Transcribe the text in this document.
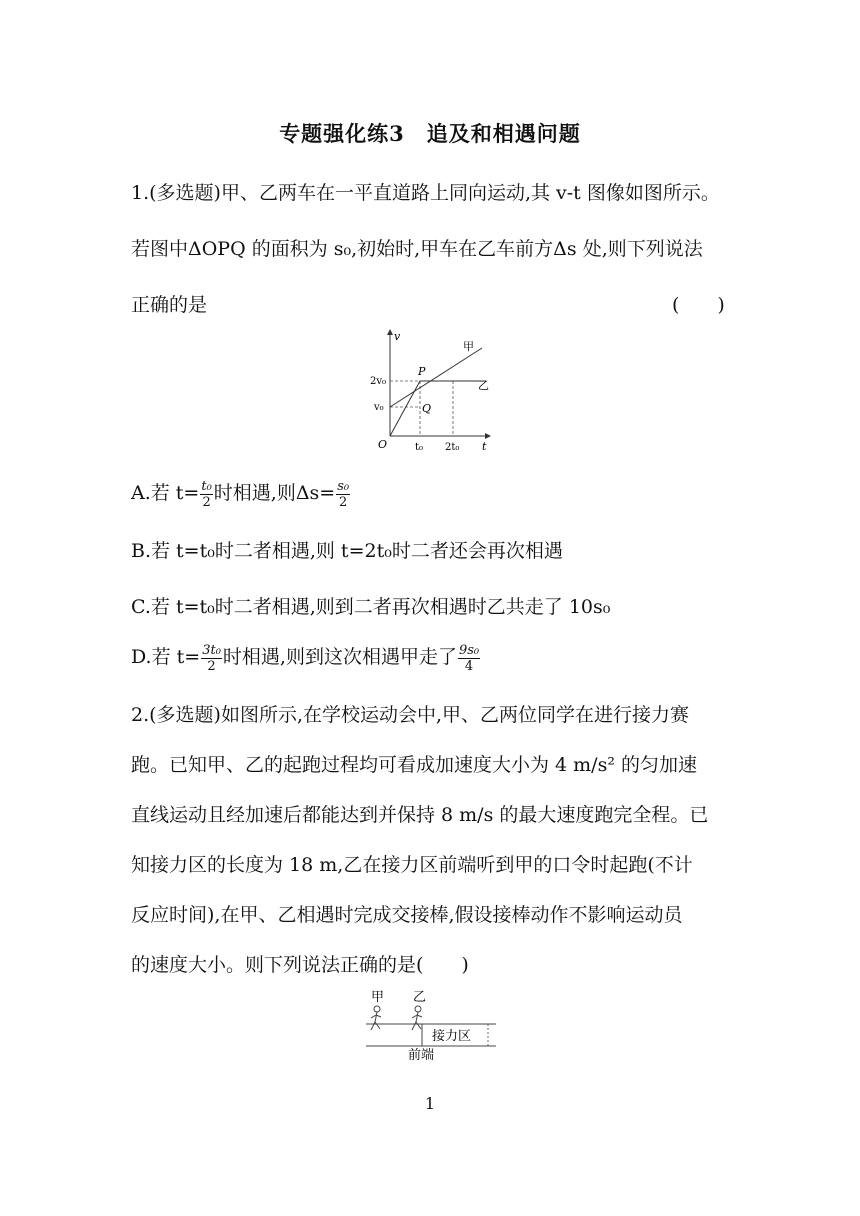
专题强化练3　追及和相遇问题
1.(多选题)甲、乙两车在一平直道路上同向运动,其 v-t 图像如图所示。
若图中ΔOPQ 的面积为 s₀,初始时,甲车在乙车前方Δs 处,则下列说法
正确的是	(　　)
v
t
O
2v₀
v₀
t₀ 2t₀
P
Q
甲
乙
A.若 $t= \frac{\text{t₀}}{2}$ 时相遇,则$\Delta s= \frac{\text{s₀}}{2}$
B.若 t=t₀时二者相遇,则 t=2t₀时二者还会再次相遇
C.若 t=t₀时二者相遇,则到二者再次相遇时乙共走了 10s₀
D.若 $t= \frac{\text{3t₀}}{2}$ 时相遇,则到这次相遇甲走了 $\frac{\text{9s₀}}{4}$
2.(多选题)如图所示,在学校运动会中,甲、乙两位同学在进行接力赛
跑。已知甲、乙的起跑过程均可看成加速度大小为 4 m/s² 的匀加速
直线运动且经加速后都能达到并保持 8 m/s 的最大速度跑完全程。已
知接力区的长度为 18 m,乙在接力区前端听到甲的口令时起跑(不计
反应时间),在甲、乙相遇时完成交接棒,假设接棒动作不影响运动员
的速度大小。则下列说法正确的是(　　)
甲 乙
接力区
前端
1
